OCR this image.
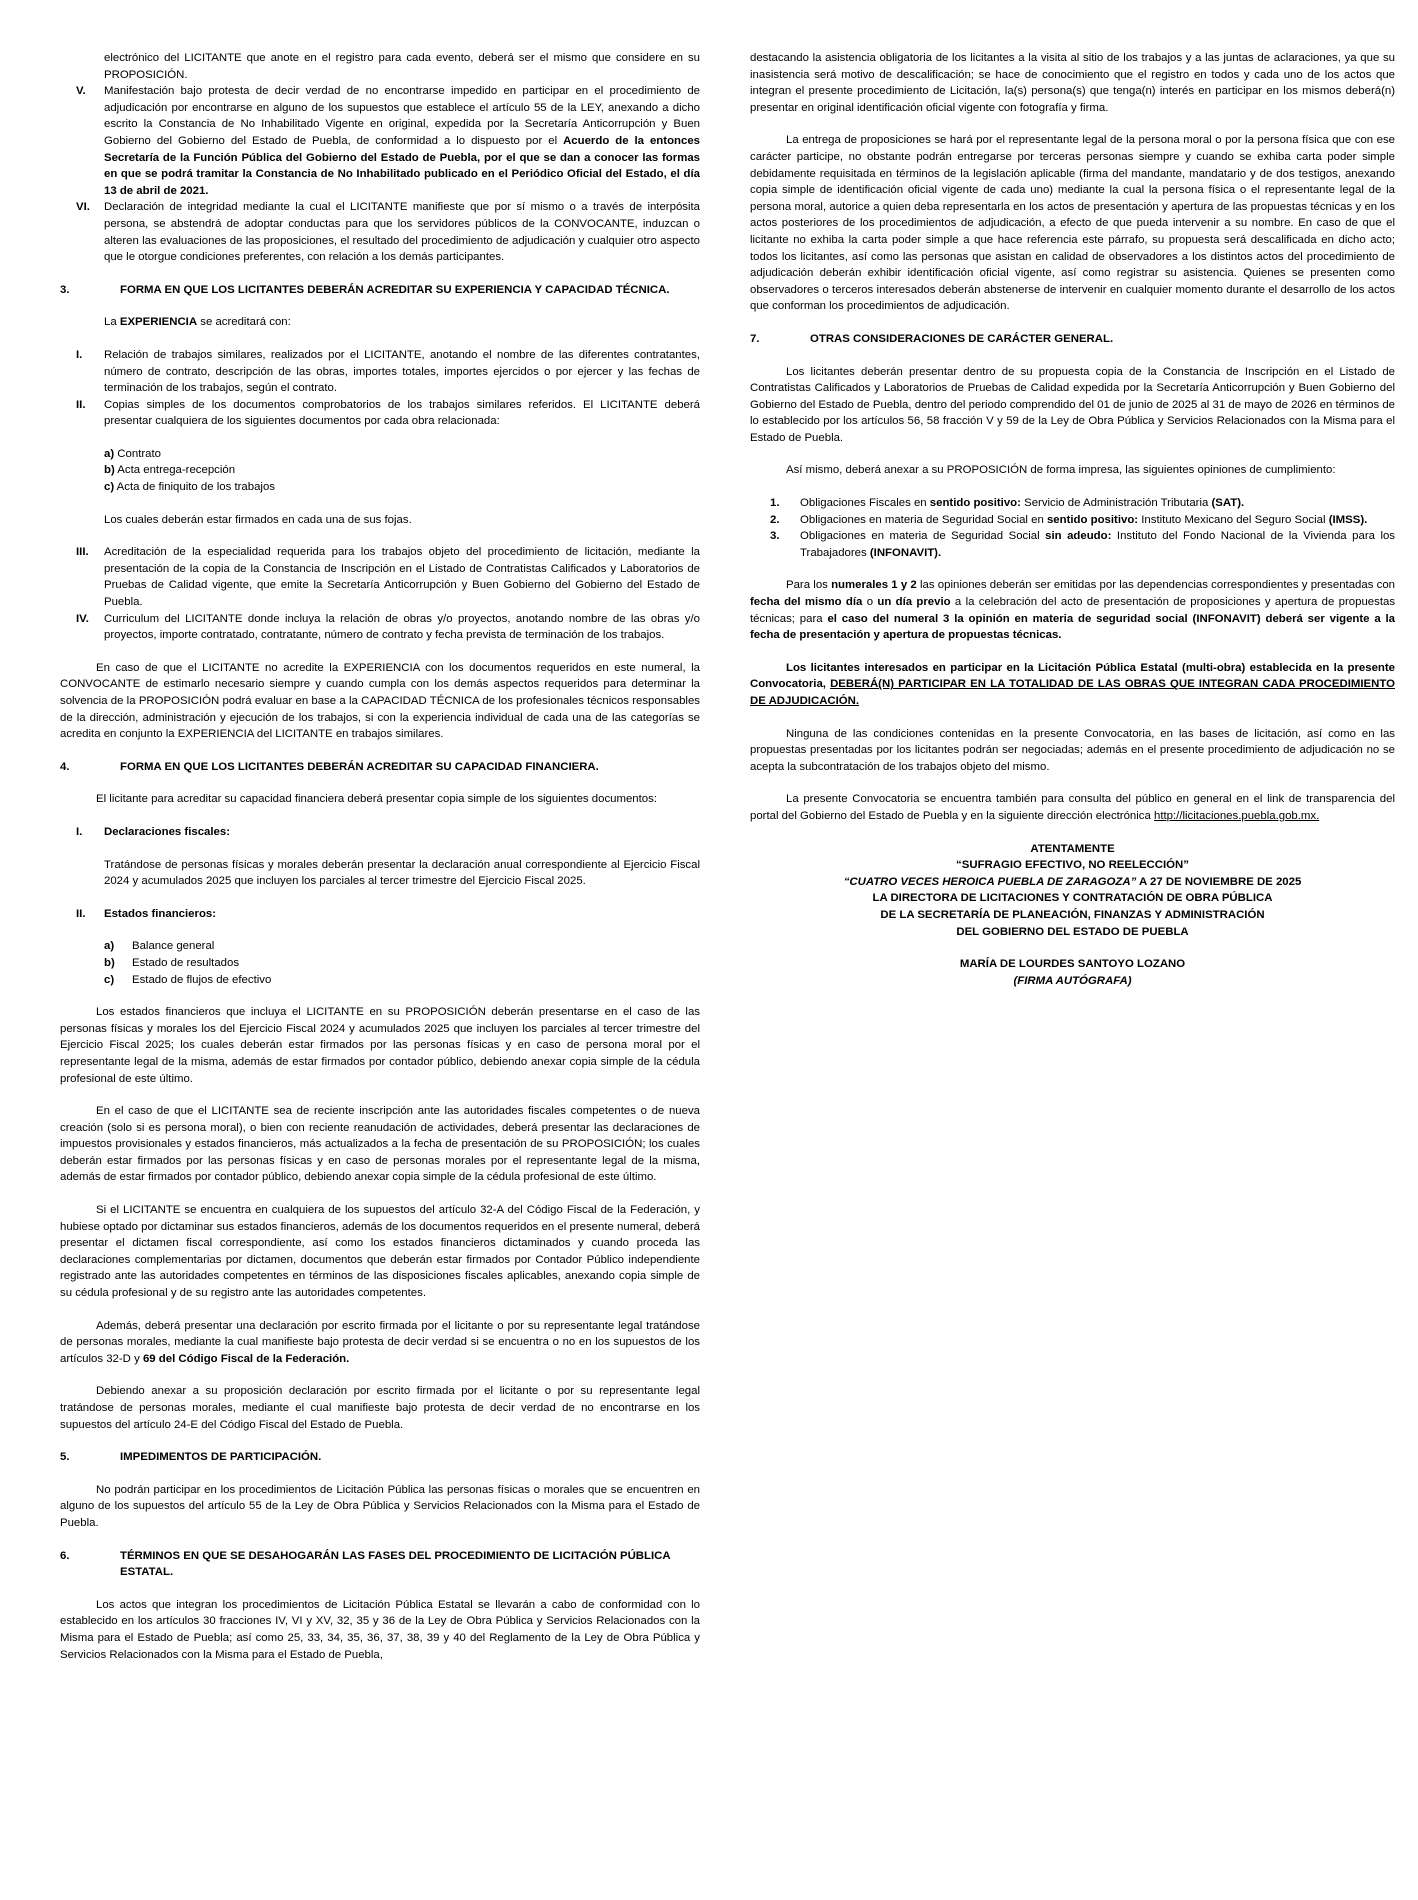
electrónico del LICITANTE que anote en el registro para cada evento, deberá ser el mismo que considere en su PROPOSICIÓN.

V. Manifestación bajo protesta de decir verdad de no encontrarse impedido en participar en el procedimiento de adjudicación por encontrarse en alguno de los supuestos que establece el artículo 55 de la LEY, anexando a dicho escrito la Constancia de No Inhabilitado Vigente en original, expedida por la Secretaría Anticorrupción y Buen Gobierno del Gobierno del Estado de Puebla, de conformidad a lo dispuesto por el Acuerdo de la entonces Secretaría de la Función Pública del Gobierno del Estado de Puebla, por el que se dan a conocer las formas en que se podrá tramitar la Constancia de No Inhabilitado publicado en el Periódico Oficial del Estado, el día 13 de abril de 2021.

VI. Declaración de integridad mediante la cual el LICITANTE manifieste que por sí mismo o a través de interpósita persona, se abstendrá de adoptar conductas para que los servidores públicos de la CONVOCANTE, induzcan o alteren las evaluaciones de las proposiciones, el resultado del procedimiento de adjudicación y cualquier otro aspecto que le otorgue condiciones preferentes, con relación a los demás participantes.

3.	FORMA EN QUE LOS LICITANTES DEBERÁN ACREDITAR SU EXPERIENCIA Y CAPACIDAD TÉCNICA.

La EXPERIENCIA se acreditará con:

I. Relación de trabajos similares, realizados por el LICITANTE, anotando el nombre de las diferentes contratantes, número de contrato, descripción de las obras, importes totales, importes ejercidos o por ejercer y las fechas de terminación de los trabajos, según el contrato.

II. Copias simples de los documentos comprobatorios de los trabajos similares referidos. El LICITANTE deberá presentar cualquiera de los siguientes documentos por cada obra relacionada:

a) Contrato
b) Acta entrega-recepción
c) Acta de finiquito de los trabajos

Los cuales deberán estar firmados en cada una de sus fojas.

III. Acreditación de la especialidad requerida para los trabajos objeto del procedimiento de licitación, mediante la presentación de la copia de la Constancia de Inscripción en el Listado de Contratistas Calificados y Laboratorios de Pruebas de Calidad vigente, que emite la Secretaría Anticorrupción y Buen Gobierno del Gobierno del Estado de Puebla.

IV. Curriculum del LICITANTE donde incluya la relación de obras y/o proyectos, anotando nombre de las obras y/o proyectos, importe contratado, contratante, número de contrato y fecha prevista de terminación de los trabajos.

En caso de que el LICITANTE no acredite la EXPERIENCIA con los documentos requeridos en este numeral, la CONVOCANTE de estimarlo necesario siempre y cuando cumpla con los demás aspectos requeridos para determinar la solvencia de la PROPOSICIÓN podrá evaluar en base a la CAPACIDAD TÉCNICA de los profesionales técnicos responsables de la dirección, administración y ejecución de los trabajos, si con la experiencia individual de cada una de las categorías se acredita en conjunto la EXPERIENCIA del LICITANTE en trabajos similares.

4.	FORMA EN QUE LOS LICITANTES DEBERÁN ACREDITAR SU CAPACIDAD FINANCIERA.

El licitante para acreditar su capacidad financiera deberá presentar copia simple de los siguientes documentos:

I. Declaraciones fiscales:

Tratándose de personas físicas y morales deberán presentar la declaración anual correspondiente al Ejercicio Fiscal 2024 y acumulados 2025 que incluyen los parciales al tercer trimestre del Ejercicio Fiscal 2025.

II. Estados financieros:
a) Balance general
b) Estado de resultados
c) Estado de flujos de efectivo

Los estados financieros que incluya el LICITANTE en su PROPOSICIÓN deberán presentarse en el caso de las personas físicas y morales los del Ejercicio Fiscal 2024 y acumulados 2025 que incluyen los parciales al tercer trimestre del Ejercicio Fiscal 2025; los cuales deberán estar firmados por las personas físicas y en caso de persona moral por el representante legal de la misma, además de estar firmados por contador público, debiendo anexar copia simple de la cédula profesional de este último.

En el caso de que el LICITANTE sea de reciente inscripción ante las autoridades fiscales competentes o de nueva creación (solo si es persona moral), o bien con reciente reanudación de actividades, deberá presentar las declaraciones de impuestos provisionales y estados financieros, más actualizados a la fecha de presentación de su PROPOSICIÓN; los cuales deberán estar firmados por las personas físicas y en caso de personas morales por el representante legal de la misma, además de estar firmados por contador público, debiendo anexar copia simple de la cédula profesional de este último.

Si el LICITANTE se encuentra en cualquiera de los supuestos del artículo 32-A del Código Fiscal de la Federación, y hubiese optado por dictaminar sus estados financieros, además de los documentos requeridos en el presente numeral, deberá presentar el dictamen fiscal correspondiente, así como los estados financieros dictaminados y cuando proceda las declaraciones complementarias por dictamen, documentos que deberán estar firmados por Contador Público independiente registrado ante las autoridades competentes en términos de las disposiciones fiscales aplicables, anexando copia simple de su cédula profesional y de su registro ante las autoridades competentes.

Además, deberá presentar una declaración por escrito firmada por el licitante o por su representante legal tratándose de personas morales, mediante la cual manifieste bajo protesta de decir verdad si se encuentra o no en los supuestos de los artículos 32-D y 69 del Código Fiscal de la Federación.

Debiendo anexar a su proposición declaración por escrito firmada por el licitante o por su representante legal tratándose de personas morales, mediante el cual manifieste bajo protesta de decir verdad de no encontrarse en los supuestos del artículo 24-E del Código Fiscal del Estado de Puebla.

5.	IMPEDIMENTOS DE PARTICIPACIÓN.

No podrán participar en los procedimientos de Licitación Pública las personas físicas o morales que se encuentren en alguno de los supuestos del artículo 55 de la Ley de Obra Pública y Servicios Relacionados con la Misma para el Estado de Puebla.

6.	TÉRMINOS EN QUE SE DESAHOGARÁN LAS FASES DEL PROCEDIMIENTO DE LICITACIÓN PÚBLICA ESTATAL.

Los actos que integran los procedimientos de Licitación Pública Estatal se llevarán a cabo de conformidad con lo establecido en los artículos 30 fracciones IV, VI y XV, 32, 35 y 36 de la Ley de Obra Pública y Servicios Relacionados con la Misma para el Estado de Puebla; así como 25, 33, 34, 35, 36, 37, 38, 39 y 40 del Reglamento de la Ley de Obra Pública y Servicios Relacionados con la Misma para el Estado de Puebla,

destacando la asistencia obligatoria de los licitantes a la visita al sitio de los trabajos y a las juntas de aclaraciones, ya que su inasistencia será motivo de descalificación; se hace de conocimiento que el registro en todos y cada uno de los actos que integran el presente procedimiento de Licitación, la(s) persona(s) que tenga(n) interés en participar en los mismos deberá(n) presentar en original identificación oficial vigente con fotografía y firma.

La entrega de proposiciones se hará por el representante legal de la persona moral o por la persona física que con ese carácter participe, no obstante podrán entregarse por terceras personas siempre y cuando se exhiba carta poder simple debidamente requisitada en términos de la legislación aplicable (firma del mandante, mandatario y de dos testigos, anexando copia simple de identificación oficial vigente de cada uno) mediante la cual la persona física o el representante legal de la persona moral, autorice a quien deba representarla en los actos de presentación y apertura de las propuestas técnicas y en los actos posteriores de los procedimientos de adjudicación, a efecto de que pueda intervenir a su nombre. En caso de que el licitante no exhiba la carta poder simple a que hace referencia este párrafo, su propuesta será descalificada en dicho acto; todos los licitantes, así como las personas que asistan en calidad de observadores a los distintos actos del procedimiento de adjudicación deberán exhibir identificación oficial vigente, así como registrar su asistencia. Quienes se presenten como observadores o terceros interesados deberán abstenerse de intervenir en cualquier momento durante el desarrollo de los actos que conforman los procedimientos de adjudicación.

7.	OTRAS CONSIDERACIONES DE CARÁCTER GENERAL.

Los licitantes deberán presentar dentro de su propuesta copia de la Constancia de Inscripción en el Listado de Contratistas Calificados y Laboratorios de Pruebas de Calidad expedida por la Secretaría Anticorrupción y Buen Gobierno del Gobierno del Estado de Puebla, dentro del periodo comprendido del 01 de junio de 2025 al 31 de mayo de 2026 en términos de lo establecido por los artículos 56, 58 fracción V y 59 de la Ley de Obra Pública y Servicios Relacionados con la Misma para el Estado de Puebla.

Así mismo, deberá anexar a su PROPOSICIÓN de forma impresa, las siguientes opiniones de cumplimiento:

1. Obligaciones Fiscales en sentido positivo: Servicio de Administración Tributaria (SAT).

2. Obligaciones en materia de Seguridad Social en sentido positivo: Instituto Mexicano del Seguro Social (IMSS).

3. Obligaciones en materia de Seguridad Social sin adeudo: Instituto del Fondo Nacional de la Vivienda para los Trabajadores (INFONAVIT).

Para los numerales 1 y 2 las opiniones deberán ser emitidas por las dependencias correspondientes y presentadas con fecha del mismo día o un día previo a la celebración del acto de presentación de proposiciones y apertura de propuestas técnicas; para el caso del numeral 3 la opinión en materia de seguridad social (INFONAVIT) deberá ser vigente a la fecha de presentación y apertura de propuestas técnicas.

Los licitantes interesados en participar en la Licitación Pública Estatal (multi-obra) establecida en la presente Convocatoria, DEBERÁ(N) PARTICIPAR EN LA TOTALIDAD DE LAS OBRAS QUE INTEGRAN CADA PROCEDIMIENTO DE ADJUDICACIÓN.

Ninguna de las condiciones contenidas en la presente Convocatoria, en las bases de licitación, así como en las propuestas presentadas por los licitantes podrán ser negociadas; además en el presente procedimiento de adjudicación no se acepta la subcontratación de los trabajos objeto del mismo.

La presente Convocatoria se encuentra también para consulta del público en general en el link de transparencia del portal del Gobierno del Estado de Puebla y en la siguiente dirección electrónica http://licitaciones.puebla.gob.mx.

ATENTAMENTE
“SUFRAGIO EFECTIVO, NO REELECCIÓN”
“CUATRO VECES HEROICA PUEBLA DE ZARAGOZA” A 27 DE NOVIEMBRE DE 2025
LA DIRECTORA DE LICITACIONES Y CONTRATACIÓN DE OBRA PÚBLICA
DE LA SECRETARÍA DE PLANEACIÓN, FINANZAS Y ADMINISTRACIÓN
DEL GOBIERNO DEL ESTADO DE PUEBLA
MARÍA DE LOURDES SANTOYO LOZANO
(FIRMA AUTÓGRAFA)
